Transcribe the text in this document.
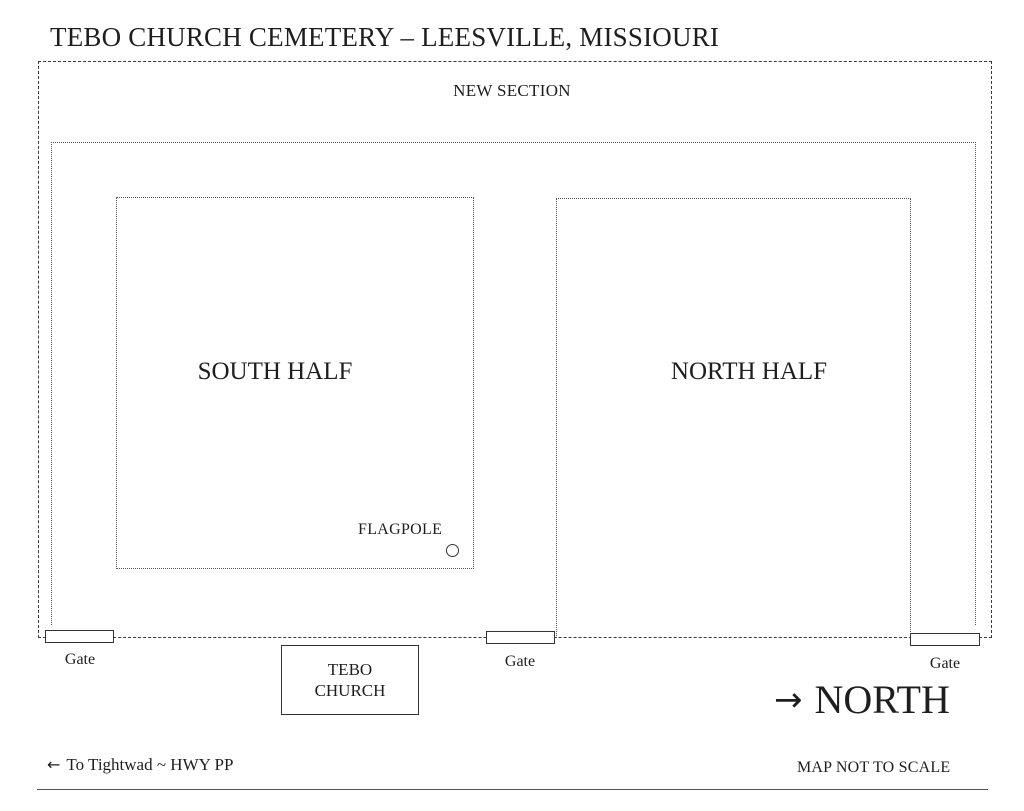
TEBO CHURCH CEMETERY – LEESVILLE, MISSIOURI
NEW SECTION
SOUTH HALF	NORTH HALF
FLAGPOLE
Gate	Gate	Gate
TEBO
CHURCH	→ NORTH
← To Tightwad ~ HWY PP	MAP NOT TO SCALE
